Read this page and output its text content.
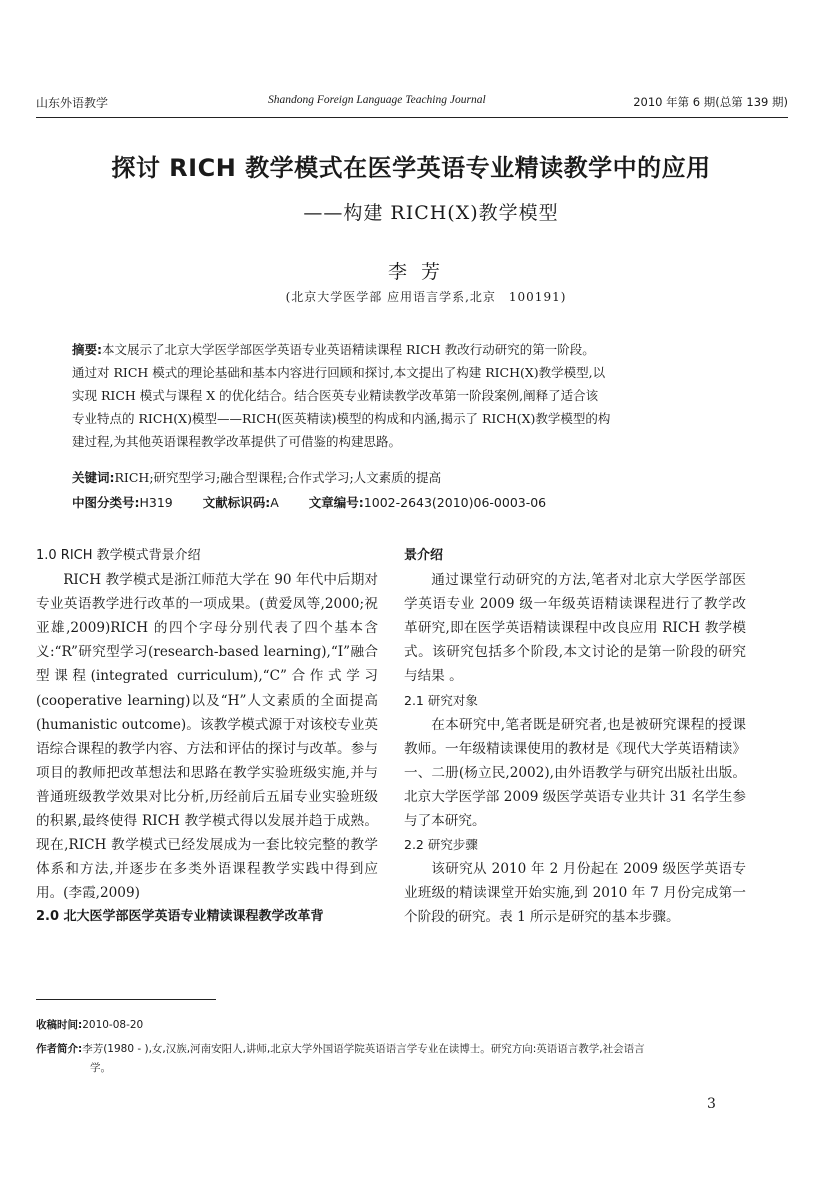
山东外语教学	Shandong Foreign Language Teaching Journal	2010 年第 6 期(总第 139 期)
探讨 RICH 教学模式在医学英语专业精读教学中的应用
——构建 RICH(X)教学模型
李芳
(北京大学医学部 应用语言学系,北京　100191)
摘要:本文展示了北京大学医学部医学英语专业英语精读课程 RICH 教改行动研究的第一阶段。
通过对 RICH 模式的理论基础和基本内容进行回顾和探讨,本文提出了构建 RICH(X)教学模型,以
实现 RICH 模式与课程 X 的优化结合。结合医英专业精读教学改革第一阶段案例,阐释了适合该
专业特点的 RICH(X)模型——RICH(医英精读)模型的构成和内涵,揭示了 RICH(X)教学模型的构
建过程,为其他英语课程教学改革提供了可借鉴的构建思路。
关键词:RICH;研究型学习;融合型课程;合作式学习;人文素质的提高
中图分类号:H319 文献标识码:A 文章编号:1002-2643(2010)06-0003-06

1.0 RICH 教学模式背景介绍

RICH 教学模式是浙江师范大学在 90 年代中后期对专业英语教学进行改革的一项成果。(黄爱凤等,2000;祝亚雄,2009)RICH 的四个字母分别代表了四个基本含义:“R”研究型学习(research-based learning),“I”融合型课程(integrated curriculum),“C”合作式学习(cooperative learning)以及“H”人文素质的全面提高(humanistic outcome)。该教学模式源于对该校专业英语综合课程的教学内容、方法和评估的探讨与改革。参与项目的教师把改革想法和思路在教学实验班级实施,并与普通班级教学效果对比分析,历经前后五届专业实验班级的积累,最终使得 RICH 教学模式得以发展并趋于成熟。现在,RICH 教学模式已经发展成为一套比较完整的教学体系和方法,并逐步在多类外语课程教学实践中得到应用。(李霞,2009)

2.0 北大医学部医学英语专业精读课程教学改革背

景介绍

通过课堂行动研究的方法,笔者对北京大学医学部医学英语专业 2009 级一年级英语精读课程进行了教学改革研究,即在医学英语精读课程中改良应用 RICH 教学模式。该研究包括多个阶段,本文讨论的是第一阶段的研究与结果 。

2.1 研究对象

在本研究中,笔者既是研究者,也是被研究课程的授课教师。一年级精读课使用的教材是《现代大学英语精读》一、二册(杨立民,2002),由外语教学与研究出版社出版。北京大学医学部 2009 级医学英语专业共计 31 名学生参与了本研究。

2.2 研究步骤

该研究从 2010 年 2 月份起在 2009 级医学英语专业班级的精读课堂开始实施,到 2010 年 7 月份完成第一个阶段的研究。表 1 所示是研究的基本步骤。

收稿时间:2010-08-20
作者简介:李芳(1980 - ),女,汉族,河南安阳人,讲师,北京大学外国语学院英语语言学专业在读博士。研究方向:英语语言教学,社会语言
学。
3
